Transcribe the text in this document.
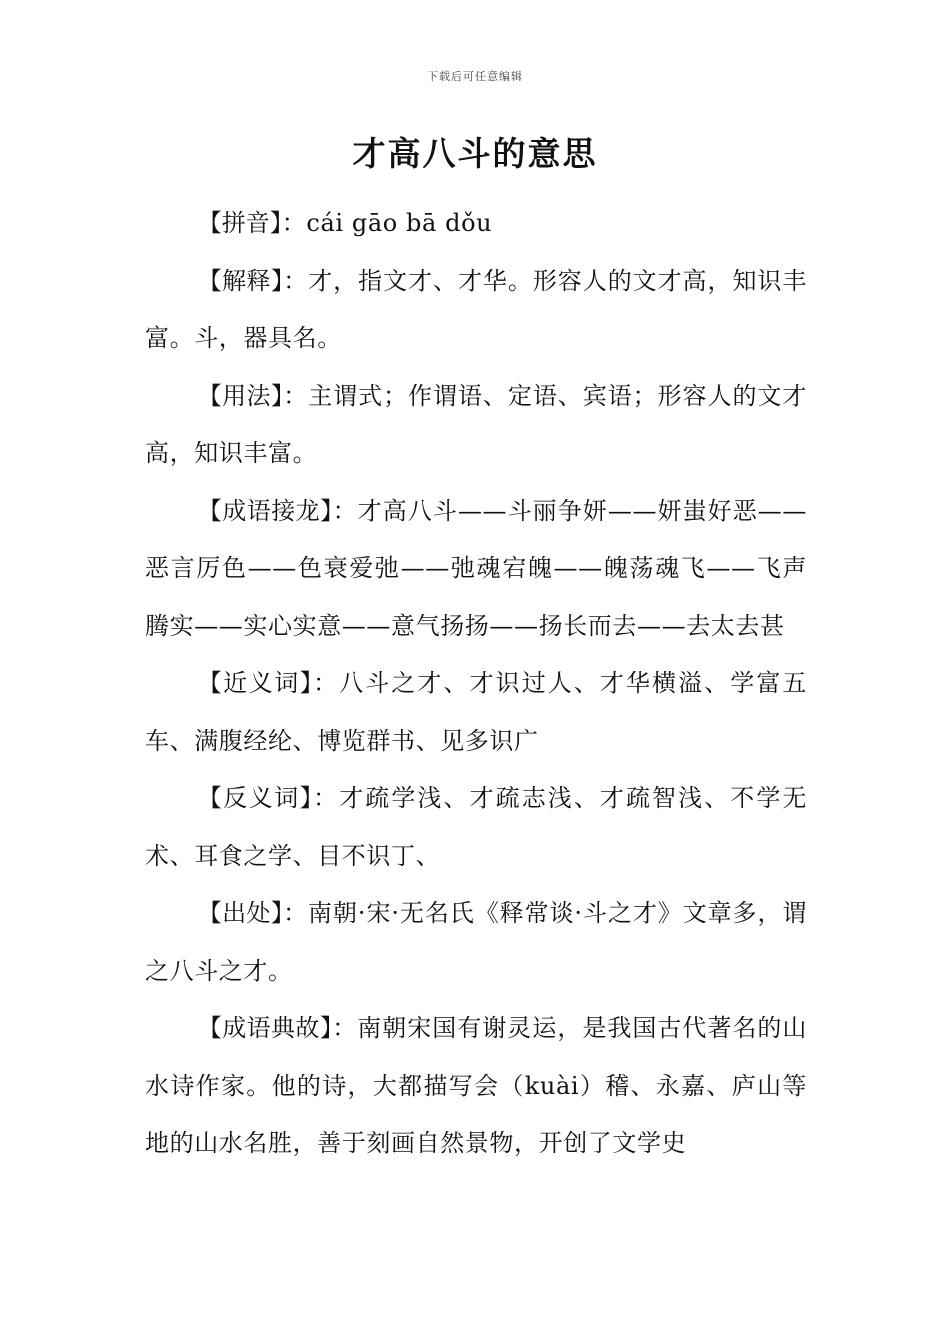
下载后可任意编辑
才高八斗的意思

【拼音】：cái gāo bā dǒu

【解释】：才，指文才、才华。形容人的文才高，知识丰富。斗，器具名。

【用法】：主谓式；作谓语、定语、宾语；形容人的文才高，知识丰富。

【成语接龙】：才高八斗——斗丽争妍——妍蚩好恶——恶言厉色——色衰爱弛——弛魂宕魄——魄荡魂飞——飞声腾实——实心实意——意气扬扬——扬长而去——去太去甚

【近义词】：八斗之才、才识过人、才华横溢、学富五车、满腹经纶、博览群书、见多识广

【反义词】：才疏学浅、才疏志浅、才疏智浅、不学无术、耳食之学、目不识丁、

【出处】：南朝·宋·无名氏《释常谈·斗之才》文章多，谓之八斗之才。

【成语典故】：南朝宋国有谢灵运，是我国古代著名的山水诗作家。他的诗，大都描写会（kuài）稽、永嘉、庐山等地的山水名胜，善于刻画自然景物，开创了文学史
